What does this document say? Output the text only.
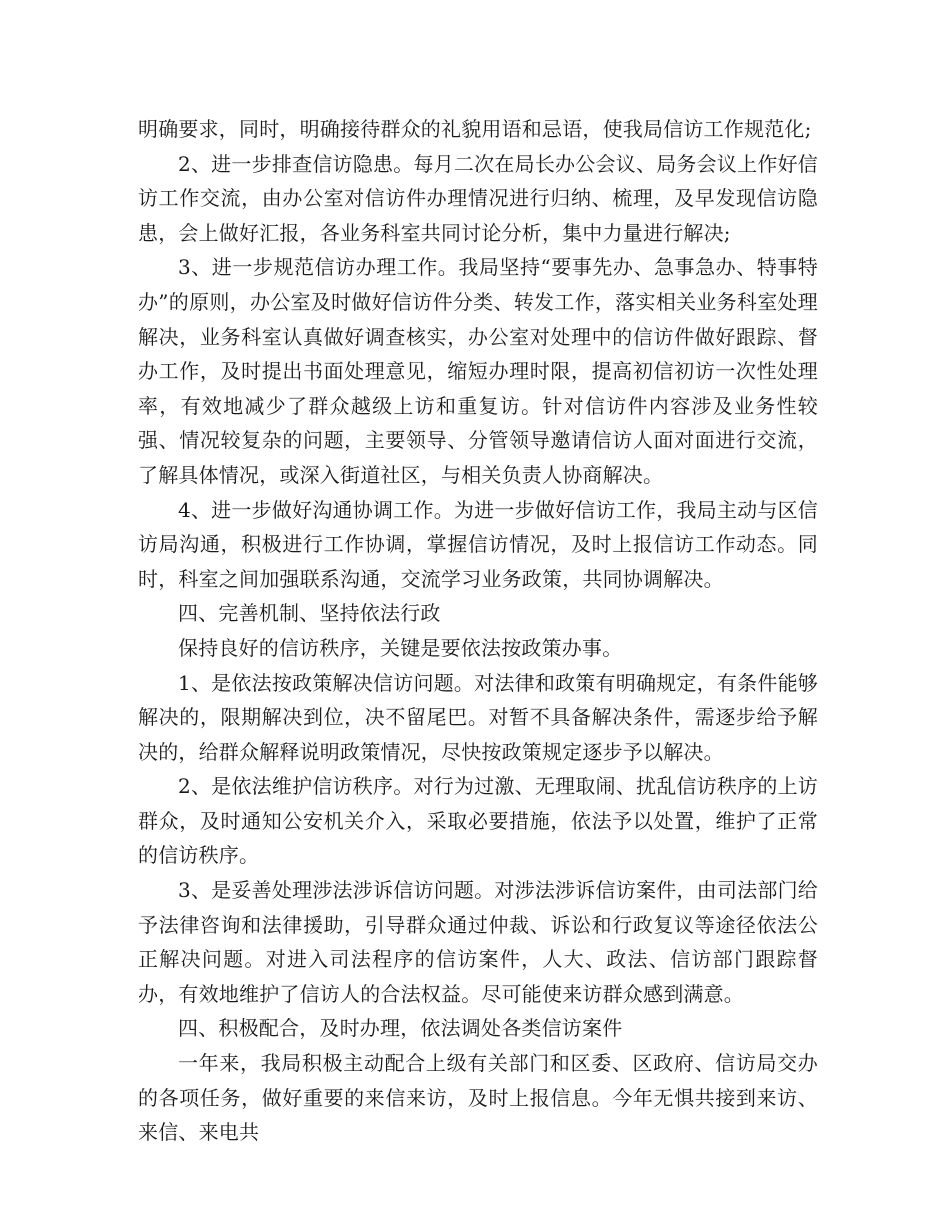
明确要求，同时，明确接待群众的礼貌用语和忌语，使我局信访工作规范化;

2、进一步排查信访隐患。每月二次在局长办公会议、局务会议上作好信访工作交流，由办公室对信访件办理情况进行归纳、梳理，及早发现信访隐患，会上做好汇报，各业务科室共同讨论分析，集中力量进行解决;

3、进一步规范信访办理工作。我局坚持“要事先办、急事急办、特事特办”的原则，办公室及时做好信访件分类、转发工作，落实相关业务科室处理解决，业务科室认真做好调查核实，办公室对处理中的信访件做好跟踪、督办工作，及时提出书面处理意见，缩短办理时限，提高初信初访一次性处理率，有效地减少了群众越级上访和重复访。针对信访件内容涉及业务性较强、情况较复杂的问题，主要领导、分管领导邀请信访人面对面进行交流，了解具体情况，或深入街道社区，与相关负责人协商解决。

4、进一步做好沟通协调工作。为进一步做好信访工作，我局主动与区信访局沟通，积极进行工作协调，掌握信访情况，及时上报信访工作动态。同时，科室之间加强联系沟通，交流学习业务政策，共同协调解决。

四、完善机制、坚持依法行政

保持良好的信访秩序，关键是要依法按政策办事。

1、是依法按政策解决信访问题。对法律和政策有明确规定，有条件能够解决的，限期解决到位，决不留尾巴。对暂不具备解决条件，需逐步给予解决的，给群众解释说明政策情况，尽快按政策规定逐步予以解决。

2、是依法维护信访秩序。对行为过激、无理取闹、扰乱信访秩序的上访群众，及时通知公安机关介入，采取必要措施，依法予以处置，维护了正常的信访秩序。

3、是妥善处理涉法涉诉信访问题。对涉法涉诉信访案件，由司法部门给予法律咨询和法律援助，引导群众通过仲裁、诉讼和行政复议等途径依法公正解决问题。对进入司法程序的信访案件，人大、政法、信访部门跟踪督办，有效地维护了信访人的合法权益。尽可能使来访群众感到满意。

四、积极配合，及时办理，依法调处各类信访案件

一年来，我局积极主动配合上级有关部门和区委、区政府、信访局交办的各项任务，做好重要的来信来访，及时上报信息。今年无惧共接到来访、来信、来电共
